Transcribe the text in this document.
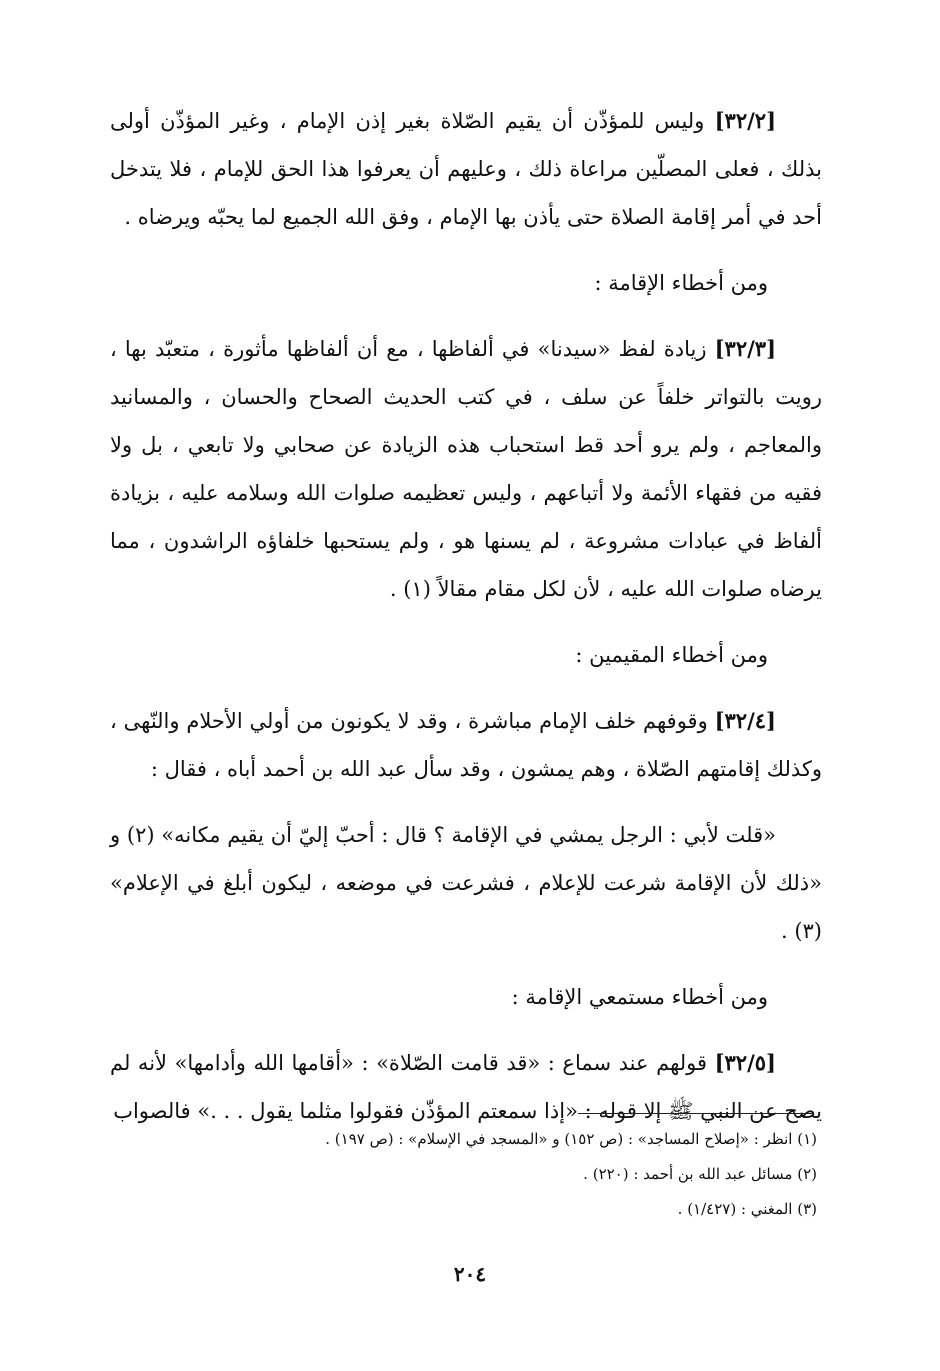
[٣٢/٢] وليس للمؤذّن أن يقيم الصّلاة بغير إذن الإمام ، وغير المؤذّن أولى بذلك ، فعلى المصلّين مراعاة ذلك ، وعليهم أن يعرفوا هذا الحق للإمام ، فلا يتدخل أحد في أمر إقامة الصلاة حتى يأذن بها الإمام ، وفق الله الجميع لما يحبّه ويرضاه .

ومن أخطاء الإقامة :

[٣٢/٣] زيادة لفظ «سيدنا» في ألفاظها ، مع أن ألفاظها مأثورة ، متعبّد بها ، رويت بالتواتر خلفاً عن سلف ، في كتب الحديث الصحاح والحسان ، والمسانيد والمعاجم ، ولم يرو أحد قط استحباب هذه الزيادة عن صحابي ولا تابعي ، بل ولا فقيه من فقهاء الأئمة ولا أتباعهم ، وليس تعظيمه صلوات الله وسلامه عليه ، بزيادة ألفاظ في عبادات مشروعة ، لم يسنها هو ، ولم يستحبها خلفاؤه الراشدون ، مما يرضاه صلوات الله عليه ، لأن لكل مقام مقالاً (١) .

ومن أخطاء المقيمين :

[٣٢/٤] وقوفهم خلف الإمام مباشرة ، وقد لا يكونون من أولي الأحلام والنّهى ، وكذلك إقامتهم الصّلاة ، وهم يمشون ، وقد سأل عبد الله بن أحمد أباه ، فقال :

«قلت لأبي : الرجل يمشي في الإقامة ؟ قال : أحبّ إليّ أن يقيم مكانه» (٢) و «ذلك لأن الإقامة شرعت للإعلام ، فشرعت في موضعه ، ليكون أبلغ في الإعلام» (٣) .

ومن أخطاء مستمعي الإقامة :

[٣٢/٥] قولهم عند سماع : «قد قامت الصّلاة» : «أقامها الله وأدامها» لأنه لم يصح عن النبي ﷺ إلا قوله : «إذا سمعتم المؤذّن فقولوا مثلما يقول . . .» فالصواب

(١) انظر : «إصلاح المساجد» : (ص ١٥٢) و «المسجد في الإسلام» : (ص ١٩٧) .

(٢) مسائل عبد الله بن أحمد : (٢٢٠) .

(٣) المغني : (١/٤٢٧) .

٢٠٤
